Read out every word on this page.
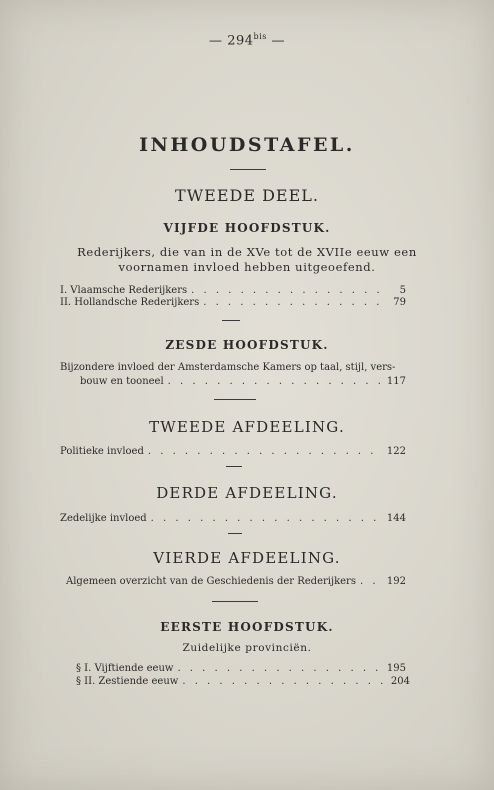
— $294^{bis}$ —
INHOUDSTAFEL.
TWEEDE DEEL.
VIJFDE HOOFDSTUK.
Rederijkers, die van in de XVe tot de XVIIe eeuw een
voornamen invloed hebben uitgeoefend.
I. Vlaamsche Rederijkers . . .	5
II. Hollandsche Rederijkers . . .	79
ZESDE HOOFDSTUK.
Bijzondere invloed der Amsterdamsche Kamers op taal, stijl, vers-
bouw en tooneel . . .	117
TWEEDE AFDEELING.
Politieke invloed . . .	122
DERDE AFDEELING.
Zedelijke invloed . . .	144
VIERDE AFDEELING.
Algemeen overzicht van de Geschiedenis der Rederijkers . . .	192
EERSTE HOOFDSTUK.
Zuidelijke provinciën.
§ I. Vijftiende eeuw . . .	195
§ II. Zestiende eeuw . . .	204
